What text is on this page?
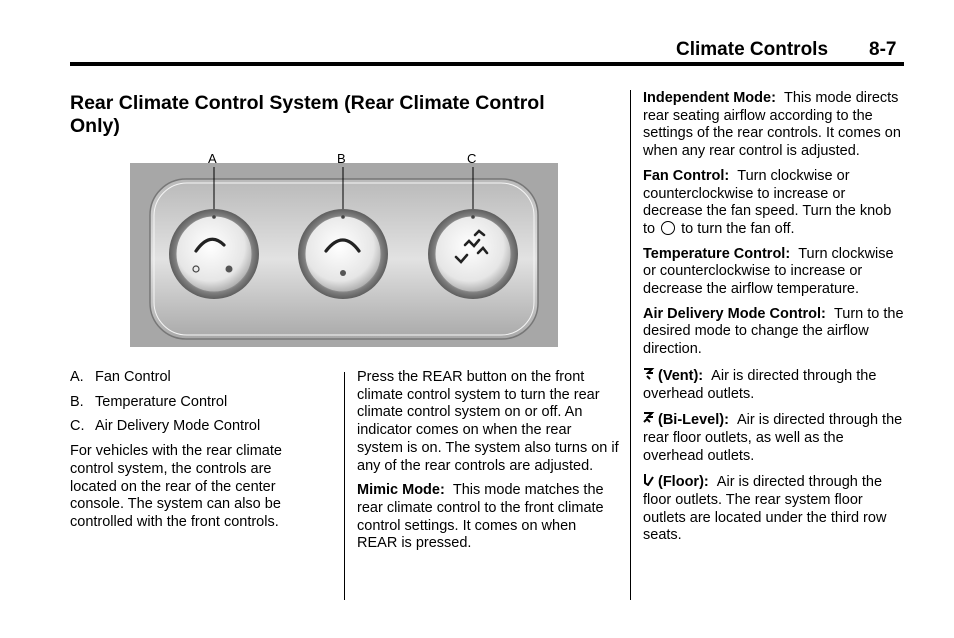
Climate Controls 8-7
Rear Climate Control System (Rear Climate Control Only)
A	B	C
A. Fan Control
B. Temperature Control
C. Air Delivery Mode Control

For vehicles with the rear climate control system, the controls are located on the rear of the center console. The system can also be controlled with the front controls.

Press the REAR button on the front climate control system to turn the rear climate control system on or off. An indicator comes on when the rear system is on. The system also turns on if any of the rear controls are adjusted.

Mimic Mode: This mode matches the rear climate control to the front climate control settings. It comes on when REAR is pressed.

Independent Mode: This mode directs rear seating airflow according to the settings of the rear controls. It comes on when any rear control is adjusted.

Fan Control: Turn clockwise or counterclockwise to increase or decrease the fan speed. Turn the knob to to turn the fan off.

Temperature Control: Turn clockwise or counterclockwise to increase or decrease the airflow temperature.

Air Delivery Mode Control: Turn to the desired mode to change the airflow direction.

(Vent): Air is directed through the overhead outlets.

(Bi-Level): Air is directed through the rear floor outlets, as well as the overhead outlets.

(Floor): Air is directed through the floor outlets. The rear system floor outlets are located under the third row seats.
